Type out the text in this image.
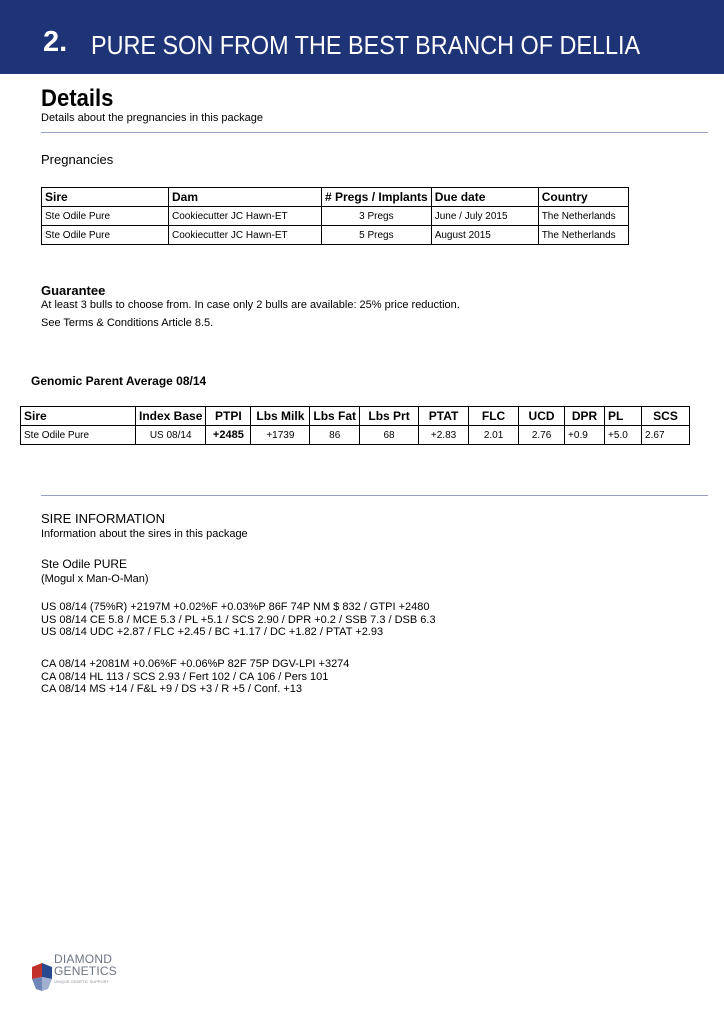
2. PURE SON FROM THE BEST BRANCH OF DELLIA
Details
Details about the pregnancies in this package
Pregnancies
Sire	Dam	# Pregs / Implants	Due date	Country
Ste Odile Pure	Cookiecutter JC Hawn-ET	3 Pregs	June / July 2015	The Netherlands
Ste Odile Pure	Cookiecutter JC Hawn-ET	5 Pregs	August 2015	The Netherlands
Guarantee
At least 3 bulls to choose from. In case only 2 bulls are available: 25% price reduction.
See Terms & Conditions Article 8.5.
Genomic Parent Average 08/14
Sire	Index Base	PTPI	Lbs Milk	Lbs Fat	Lbs Prt	PTAT	FLC	UCD	DPR	PL	SCS
Ste Odile Pure	US 08/14	+2485	+1739	86	68	+2.83	2.01	2.76	+0.9	+5.0	2.67
SIRE INFORMATION
Information about the sires in this package
Ste Odile PURE
(Mogul x Man-O-Man)
US 08/14 (75%R) +2197M +0.02%F +0.03%P 86F 74P NM $ 832 / GTPI +2480
US 08/14 CE 5.8 / MCE 5.3 / PL +5.1 / SCS 2.90 / DPR +0.2 / SSB 7.3 / DSB 6.3
US 08/14 UDC +2.87 / FLC +2.45 / BC +1.17 / DC +1.82 / PTAT +2.93
CA 08/14 +2081M +0.06%F +0.06%P 82F 75P DGV-LPI +3274
CA 08/14 HL 113 / SCS 2.93 / Fert 102 / CA 106 / Pers 101
CA 08/14 MS +14 / F&L +9 / DS +3 / R +5 / Conf. +13
DIAMOND
GENETICS
UNIQUE GENETIC SUPPORT
